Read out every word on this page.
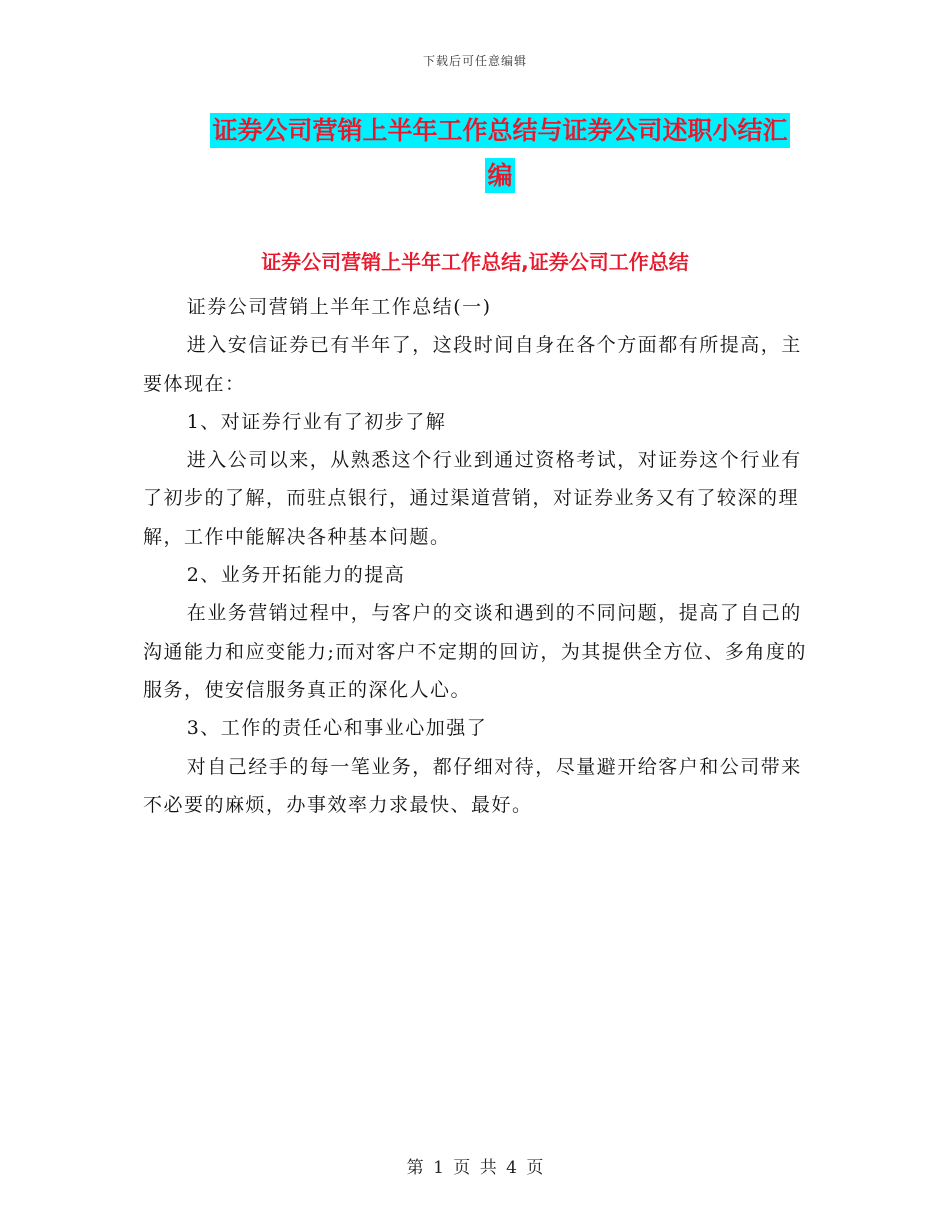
下载后可任意编辑
证券公司营销上半年工作总结与证券公司述职小结汇
编
证券公司营销上半年工作总结,证券公司工作总结

证券公司营销上半年工作总结(一)

进入安信证券已有半年了，这段时间自身在各个方面都有所提高，主要体现在：

1、对证券行业有了初步了解

进入公司以来，从熟悉这个行业到通过资格考试，对证券这个行业有了初步的了解，而驻点银行，通过渠道营销，对证券业务又有了较深的理解，工作中能解决各种基本问题。

2、业务开拓能力的提高

在业务营销过程中，与客户的交谈和遇到的不同问题，提高了自己的沟通能力和应变能力;而对客户不定期的回访，为其提供全方位、多角度的服务，使安信服务真正的深化人心。

3、工作的责任心和事业心加强了

对自己经手的每一笔业务，都仔细对待，尽量避开给客户和公司带来不必要的麻烦，办事效率力求最快、最好。

第 1 页 共 4 页
